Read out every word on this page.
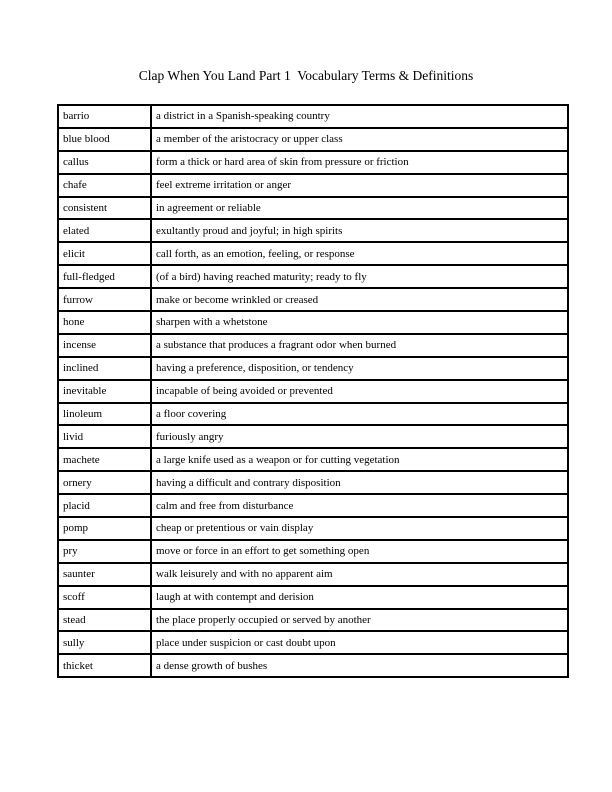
Clap When You Land Part 1  Vocabulary Terms & Definitions
barrio	a district in a Spanish-speaking country
blue blood	a member of the aristocracy or upper class
callus	form a thick or hard area of skin from pressure or friction
chafe	feel extreme irritation or anger
consistent	in agreement or reliable
elated	exultantly proud and joyful; in high spirits
elicit	call forth, as an emotion, feeling, or response
full-fledged	(of a bird) having reached maturity; ready to fly
furrow	make or become wrinkled or creased
hone	sharpen with a whetstone
incense	a substance that produces a fragrant odor when burned
inclined	having a preference, disposition, or tendency
inevitable	incapable of being avoided or prevented
linoleum	a floor covering
livid	furiously angry
machete	a large knife used as a weapon or for cutting vegetation
ornery	having a difficult and contrary disposition
placid	calm and free from disturbance
pomp	cheap or pretentious or vain display
pry	move or force in an effort to get something open
saunter	walk leisurely and with no apparent aim
scoff	laugh at with contempt and derision
stead	the place properly occupied or served by another
sully	place under suspicion or cast doubt upon
thicket	a dense growth of bushes
